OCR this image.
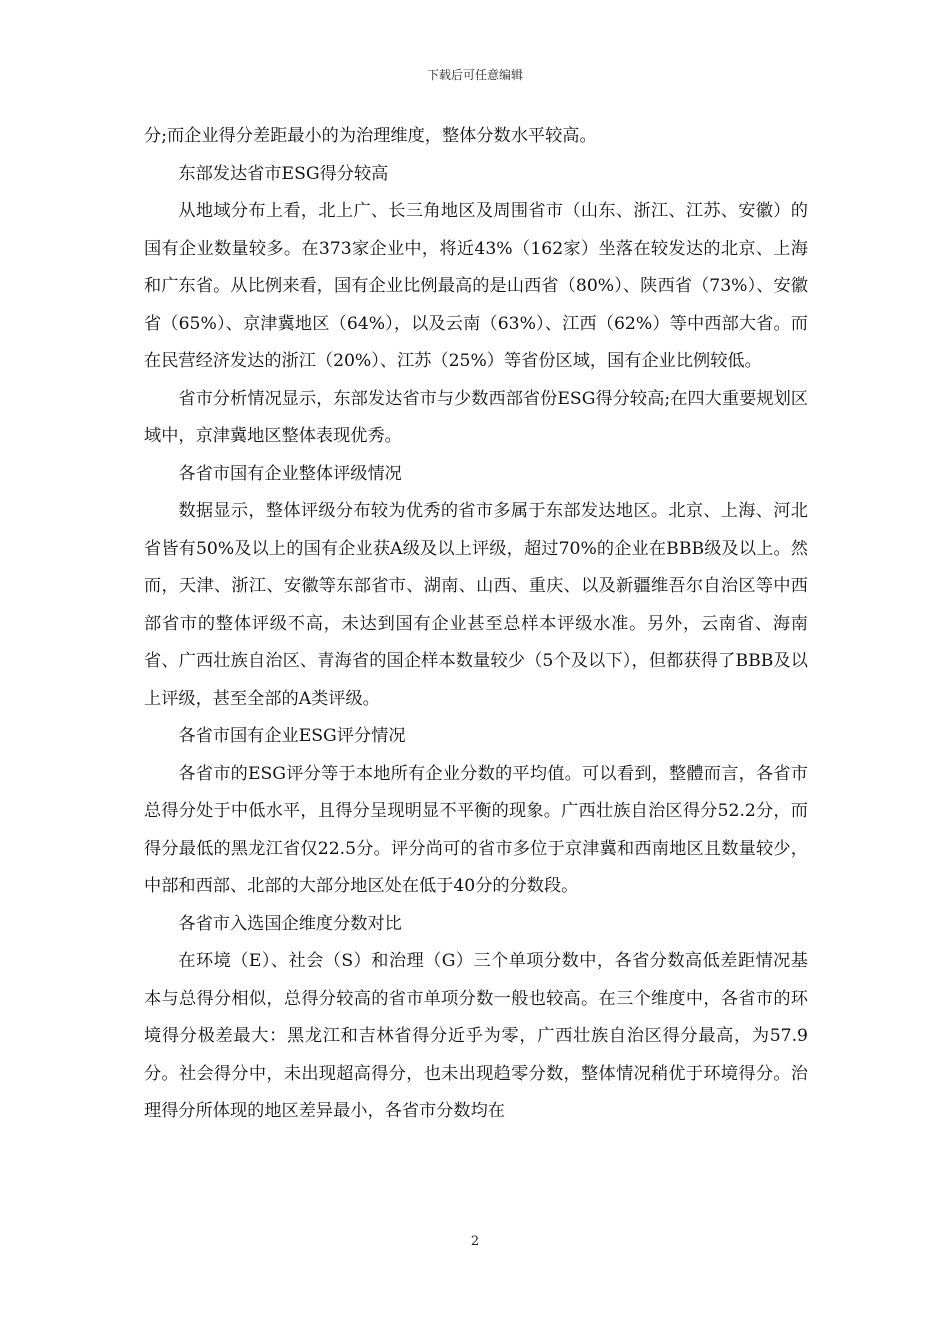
下载后可任意编辑

分;而企业得分差距最小的为治理维度，整体分数水平较高。

东部发达省市ESG得分较高

从地域分布上看，北上广、长三角地区及周围省市（山东、浙江、江苏、安徽）的国有企业数量较多。在373家企业中，将近43%（162家）坐落在较发达的北京、上海和广东省。从比例来看，国有企业比例最高的是山西省（80%）、陕西省（73%）、安徽省（65%）、京津冀地区（64%），以及云南（63%）、江西（62%）等中西部大省。而在民营经济发达的浙江（20%）、江苏（25%）等省份区域，国有企业比例较低。

省市分析情况显示，东部发达省市与少数西部省份ESG得分较高;在四大重要规划区域中，京津冀地区整体表现优秀。

各省市国有企业整体评级情况

数据显示，整体评级分布较为优秀的省市多属于东部发达地区。北京、上海、河北省皆有50%及以上的国有企业获A级及以上评级，超过70%的企业在BBB级及以上。然而，天津、浙江、安徽等东部省市、湖南、山西、重庆、以及新疆维吾尔自治区等中西部省市的整体评级不高，未达到国有企业甚至总样本评级水准。另外，云南省、海南省、广西壮族自治区、青海省的国企样本数量较少（5个及以下），但都获得了BBB及以上评级，甚至全部的A类评级。

各省市国有企业ESG评分情况

各省市的ESG评分等于本地所有企业分数的平均值。可以看到，整體而言，各省市总得分处于中低水平，且得分呈现明显不平衡的现象。广西壮族自治区得分52.2分，而得分最低的黑龙江省仅22.5分。评分尚可的省市多位于京津冀和西南地区且数量较少，中部和西部、北部的大部分地区处在低于40分的分数段。

各省市入选国企维度分数对比

在环境（E）、社会（S）和治理（G）三个单项分数中，各省分数高低差距情况基本与总得分相似，总得分较高的省市单项分数一般也较高。在三个维度中，各省市的环境得分极差最大：黑龙江和吉林省得分近乎为零，广西壮族自治区得分最高，为57.9分。社会得分中，未出现超高得分，也未出现趋零分数，整体情况稍优于环境得分。治理得分所体现的地区差异最小，各省市分数均在

2
